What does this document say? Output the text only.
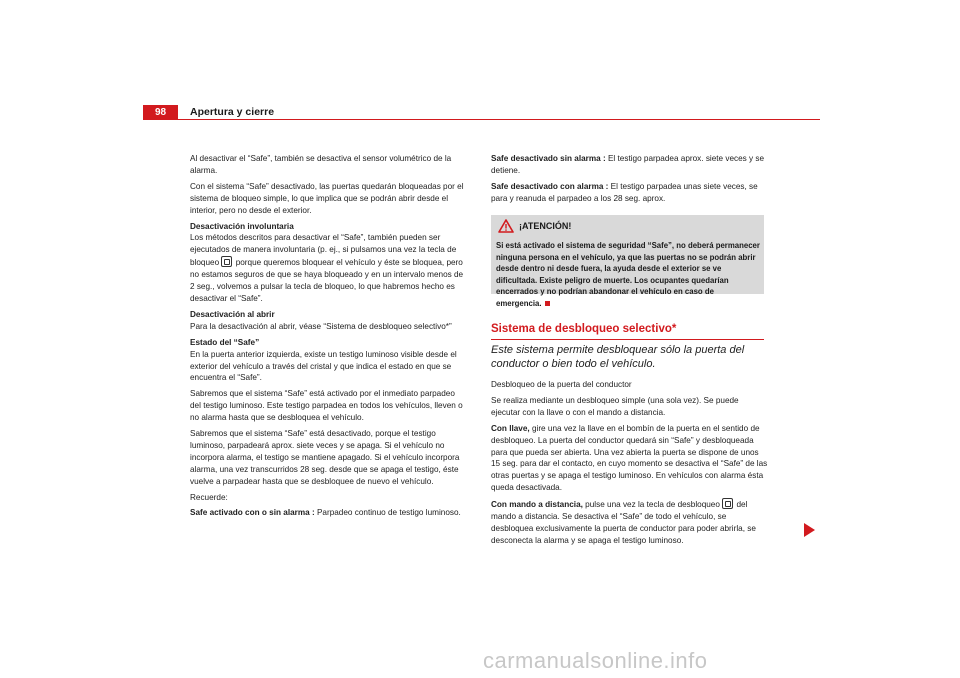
98	Apertura y cierre

Al desactivar el “Safe”, también se desactiva el sensor volumétrico de la alarma.

Con el sistema “Safe” desactivado, las puertas quedarán bloqueadas por el sistema de bloqueo simple, lo que implica que se podrán abrir desde el interior, pero no desde el exterior.

Desactivación involuntaria

Los métodos descritos para desactivar el “Safe”, también pueden ser ejecutados de manera involuntaria (p. ej., si pulsamos una vez la tecla de bloqueo porque queremos bloquear el vehículo y éste se bloquea, pero no estamos seguros de que se haya bloqueado y en un intervalo menos de 2 seg., volvemos a pulsar la tecla de bloqueo, lo que habremos hecho es desactivar el “Safe”.

Desactivación al abrir

Para la desactivación al abrir, véase “Sistema de desbloqueo selectivo*”

Estado del “Safe”

En la puerta anterior izquierda, existe un testigo luminoso visible desde el exterior del vehículo a través del cristal y que indica el estado en que se encuentra el “Safe”.

Sabremos que el sistema “Safe” está activado por el inmediato parpadeo del testigo luminoso. Este testigo parpadea en todos los vehículos, lleven o no alarma hasta que se desbloquea el vehículo.

Sabremos que el sistema “Safe” está desactivado, porque el testigo luminoso, parpadeará aprox. siete veces y se apaga. Si el vehículo no incorpora alarma, el testigo se mantiene apagado. Si el vehículo incorpora alarma, una vez transcurridos 28 seg. desde que se apaga el testigo, éste vuelve a parpadear hasta que se desbloquee de nuevo el vehículo.

Recuerde:

Safe activado con o sin alarma : Parpadeo continuo de testigo luminoso.

Safe desactivado sin alarma : El testigo parpadea aprox. siete veces y se detiene.

Safe desactivado con alarma : El testigo parpadea unas siete veces, se para y reanuda el parpadeo a los 28 seg. aprox.

¡ATENCIÓN!
Si está activado el sistema de seguridad “Safe”, no deberá permanecer ninguna persona en el vehículo, ya que las puertas no se podrán abrir desde dentro ni desde fuera, la ayuda desde el exterior se ve dificultada. Existe peligro de muerte. Los ocupantes quedarían encerrados y no podrían abandonar el vehículo en caso de emergencia.
Sistema de desbloqueo selectivo*
Este sistema permite desbloquear sólo la puerta del conductor o bien todo el vehículo.

Desbloqueo de la puerta del conductor

Se realiza mediante un desbloqueo simple (una sola vez). Se puede ejecutar con la llave o con el mando a distancia.

Con llave, gire una vez la llave en el bombín de la puerta en el sentido de desbloqueo. La puerta del conductor quedará sin “Safe” y desbloqueada para que pueda ser abierta. Una vez abierta la puerta se dispone de unos 15 seg. para dar el contacto, en cuyo momento se desactiva el “Safe” de las otras puertas y se apaga el testigo luminoso. En vehículos con alarma ésta queda desactivada.

Con mando a distancia, pulse una vez la tecla de desbloqueo  del mando a distancia. Se desactiva el “Safe” de todo el vehículo, se desbloquea exclusivamente la puerta de conductor para poder abrirla, se desconecta la alarma y se apaga el testigo luminoso.

carmanualsonline.info
